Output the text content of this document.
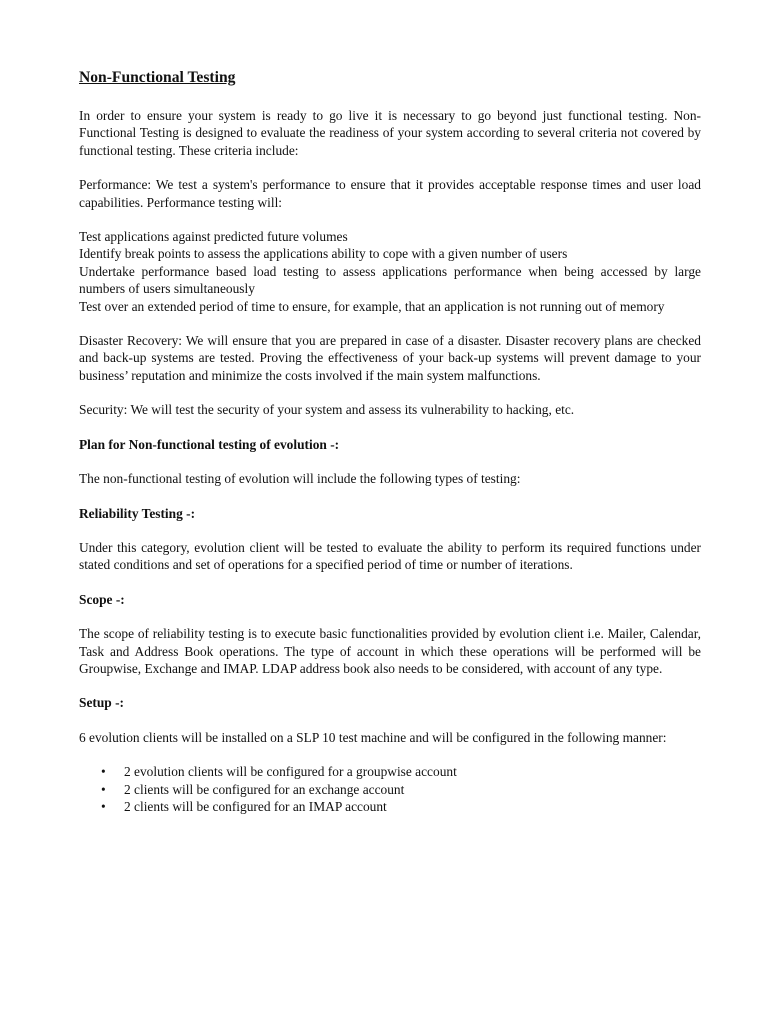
Non-Functional Testing

In order to ensure your system is ready to go live it is necessary to go beyond just functional testing. Non-Functional Testing is designed to evaluate the readiness of your system according to several criteria not covered by functional testing. These criteria include:

Performance: We test a system's performance to ensure that it provides acceptable response times and user load capabilities. Performance testing will:

Test applications against predicted future volumes
Identify break points to assess the applications ability to cope with a given number of users
Undertake performance based load testing to assess applications performance when being accessed by large numbers of users simultaneously
Test over an extended period of time to ensure, for example, that an application is not running out of memory

Disaster Recovery: We will ensure that you are prepared in case of a disaster. Disaster recovery plans are checked and back-up systems are tested. Proving the effectiveness of your back-up systems will prevent damage to your business’ reputation and minimize the costs involved if the main system malfunctions.

Security: We will test the security of your system and assess its vulnerability to hacking, etc.

Plan for Non-functional testing of evolution -:

The non-functional testing of evolution will include the following types of testing:

Reliability Testing -:

Under this category, evolution client will be tested to evaluate the ability to perform its required functions under stated conditions and set of operations for a specified period of time or number of iterations.

Scope -:

The scope of reliability testing is to execute basic functionalities provided by evolution client i.e. Mailer, Calendar, Task and Address Book operations. The type of account in which these operations will be performed will be Groupwise, Exchange and IMAP. LDAP address book also needs to be considered, with account of any type.

Setup -:

6 evolution clients will be installed on a SLP 10 test machine and will be configured in the following manner:

• 2 evolution clients will be configured for a groupwise account
• 2 clients will be configured for an exchange account
• 2 clients will be configured for an IMAP account
